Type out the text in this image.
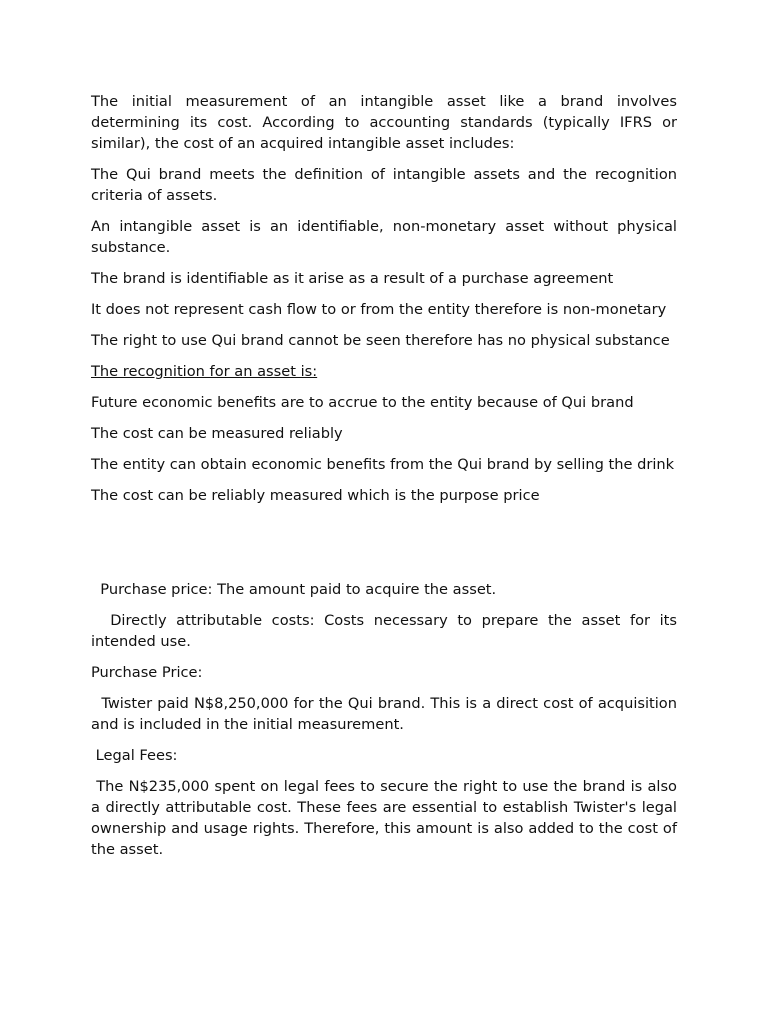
The initial measurement of an intangible asset like a brand involves determining its cost. According to accounting standards (typically IFRS or similar), the cost of an acquired intangible asset includes:

The Qui brand meets the definition of intangible assets and the recognition criteria of assets.

An intangible asset is an identifiable, non-monetary asset without physical substance.

The brand is identifiable as it arise as a result of a purchase agreement

It does not represent cash flow to or from the entity therefore is non-monetary

The right to use Qui brand cannot be seen therefore has no physical substance

The recognition for an asset is:

Future economic benefits are to accrue to the entity because of Qui brand

The cost can be measured reliably

The entity can obtain economic benefits from the Qui brand by selling the drink

The cost can be reliably measured which is the purpose price

Purchase price: The amount paid to acquire the asset.

Directly attributable costs: Costs necessary to prepare the asset for its intended use.

Purchase Price:

Twister paid N$8,250,000 for the Qui brand. This is a direct cost of acquisition and is included in the initial measurement.

Legal Fees:

The N$235,000 spent on legal fees to secure the right to use the brand is also a directly attributable cost. These fees are essential to establish Twister's legal ownership and usage rights. Therefore, this amount is also added to the cost of the asset.
